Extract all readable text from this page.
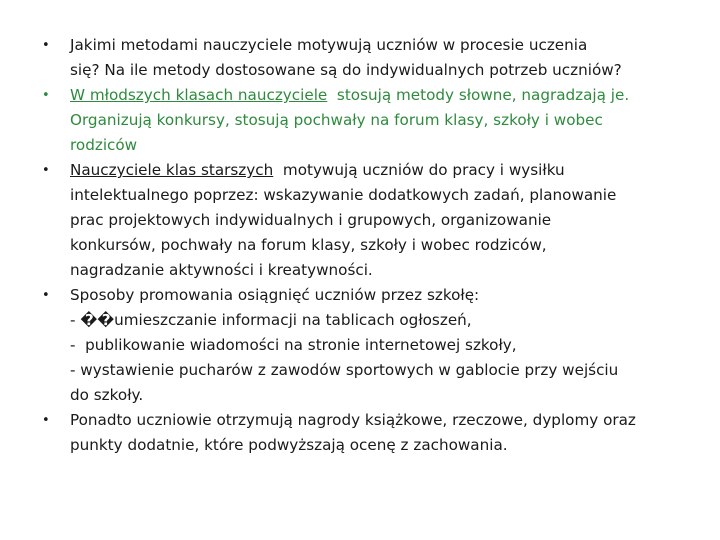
•	Jakimi metodami nauczyciele motywują uczniów w procesie uczenia
się? Na ile metody dostosowane są do indywidualnych potrzeb uczniów?
•	W młodszych klasach nauczyciele  stosują metody słowne, nagradzają je.
Organizują konkursy, stosują pochwały na forum klasy, szkoły i wobec
rodziców
•	Nauczyciele klas starszych  motywują uczniów do pracy i wysiłku
intelektualnego poprzez: wskazywanie dodatkowych zadań, planowanie
prac projektowych indywidualnych i grupowych, organizowanie
konkursów, pochwały na forum klasy, szkoły i wobec rodziców,
nagradzanie aktywności i kreatywności.
•	Sposoby promowania osiągnięć uczniów przez szkołę:
- ��umieszczanie informacji na tablicach ogłoszeń,
-  publikowanie wiadomości na stronie internetowej szkoły,
- wystawienie pucharów z zawodów sportowych w gablocie przy wejściu
do szkoły.
•	Ponadto uczniowie otrzymują nagrody książkowe, rzeczowe, dyplomy oraz
punkty dodatnie, które podwyższają ocenę z zachowania.
